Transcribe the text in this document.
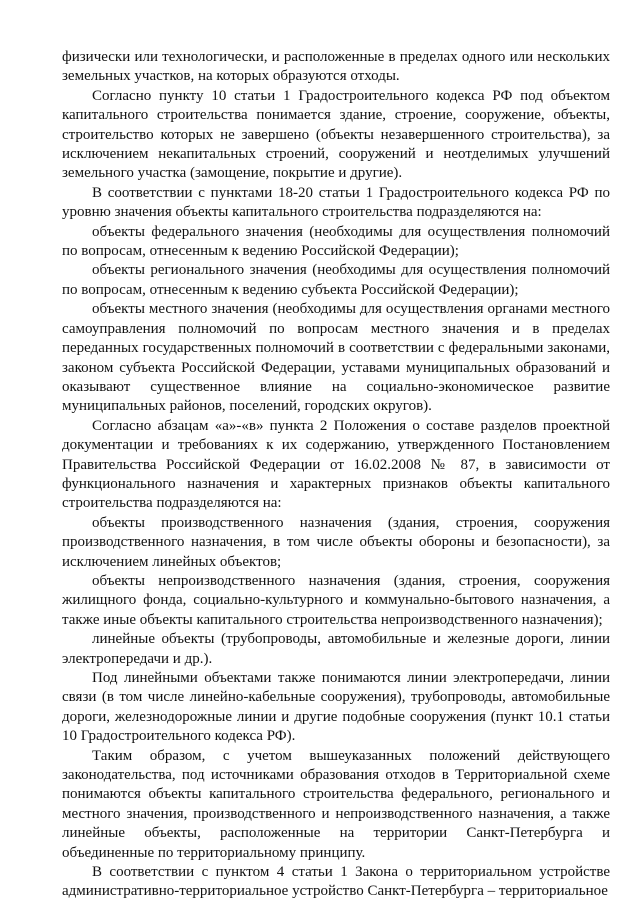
физически или технологически, и расположенные в пределах одного или нескольких земельных участков, на которых образуются отходы.

Согласно пункту 10 статьи 1 Градостроительного кодекса РФ под объектом капитального строительства понимается здание, строение, сооружение, объекты, строительство которых не завершено (объекты незавершенного строительства), за исключением некапитальных строений, сооружений и неотделимых улучшений земельного участка (замощение, покрытие и другие).

В соответствии с пунктами 18-20 статьи 1 Градостроительного кодекса РФ по уровню значения объекты капитального строительства подразделяются на:

объекты федерального значения (необходимы для осуществления полномочий по вопросам, отнесенным к ведению Российской Федерации);

объекты регионального значения (необходимы для осуществления полномочий по вопросам, отнесенным к ведению субъекта Российской Федерации);

объекты местного значения (необходимы для осуществления органами местного самоуправления полномочий по вопросам местного значения и в пределах переданных государственных полномочий в соответствии с федеральными законами, законом субъекта Российской Федерации, уставами муниципальных образований и оказывают существенное влияние на социально-экономическое развитие муниципальных районов, поселений, городских округов).

Согласно абзацам «а»-«в» пункта 2 Положения о составе разделов проектной документации и требованиях к их содержанию, утвержденного Постановлением Правительства Российской Федерации от 16.02.2008 № 87, в зависимости от функционального назначения и характерных признаков объекты капитального строительства подразделяются на:

объекты производственного назначения (здания, строения, сооружения производственного назначения, в том числе объекты обороны и безопасности), за исключением линейных объектов;

объекты непроизводственного назначения (здания, строения, сооружения жилищного фонда, социально-культурного и коммунально-бытового назначения, а также иные объекты капитального строительства непроизводственного назначения);

линейные объекты (трубопроводы, автомобильные и железные дороги, линии электропередачи и др.).

Под линейными объектами также понимаются линии электропередачи, линии связи (в том числе линейно-кабельные сооружения), трубопроводы, автомобильные дороги, железнодорожные линии и другие подобные сооружения (пункт 10.1 статьи 10 Градостроительного кодекса РФ).

Таким образом, с учетом вышеуказанных положений действующего законодательства, под источниками образования отходов в Территориальной схеме понимаются объекты капитального строительства федерального, регионального и местного значения, производственного и непроизводственного назначения, а также линейные объекты, расположенные на территории Санкт-Петербурга и объединенные по территориальному принципу.

В соответствии с пунктом 4 статьи 1 Закона о территориальном устройстве административно-территориальное устройство Санкт-Петербурга – территориальное
